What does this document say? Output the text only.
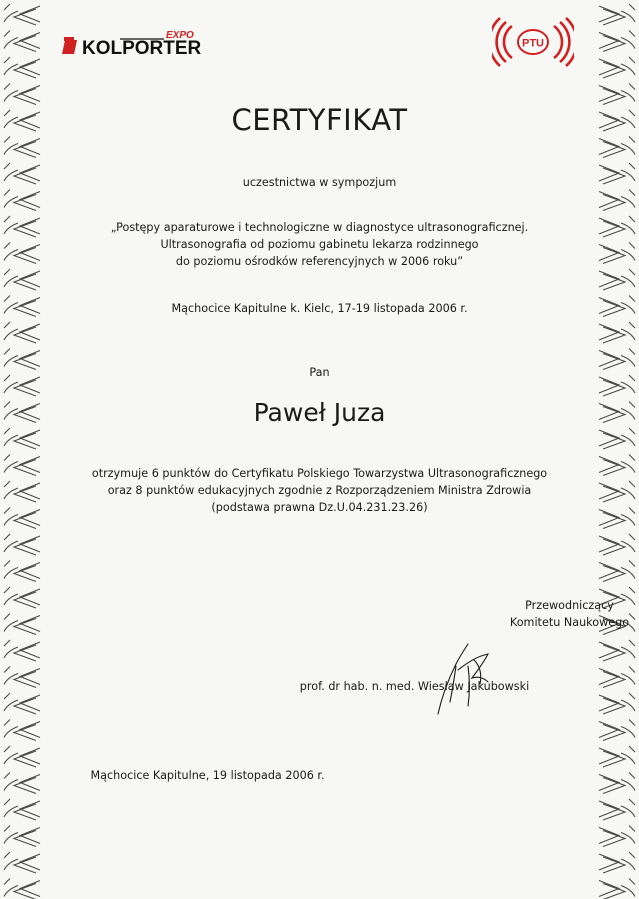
KOLPORTER
EXPO
PTU
CERTYFIKAT
uczestnictwa w sympozjum
„Postępy aparaturowe i technologiczne w diagnostyce ultrasonograficznej.
Ultrasonografia od poziomu gabinetu lekarza rodzinnego
do poziomu ośrodków referencyjnych w 2006 roku”
Mąchocice Kapitulne k. Kielc, 17-19 listopada 2006 r.
Pan
Paweł Juza
otrzymuje 6 punktów do Certyfikatu Polskiego Towarzystwa Ultrasonograficznego
oraz 8 punktów edukacyjnych zgodnie z Rozporządzeniem Ministra Zdrowia
(podstawa prawna Dz.U.04.231.23.26)
Przewodniczący
Komitetu Naukowego
prof. dr hab. n. med. Wiesław Jakubowski
Mąchocice Kapitulne, 19 listopada 2006 r.
